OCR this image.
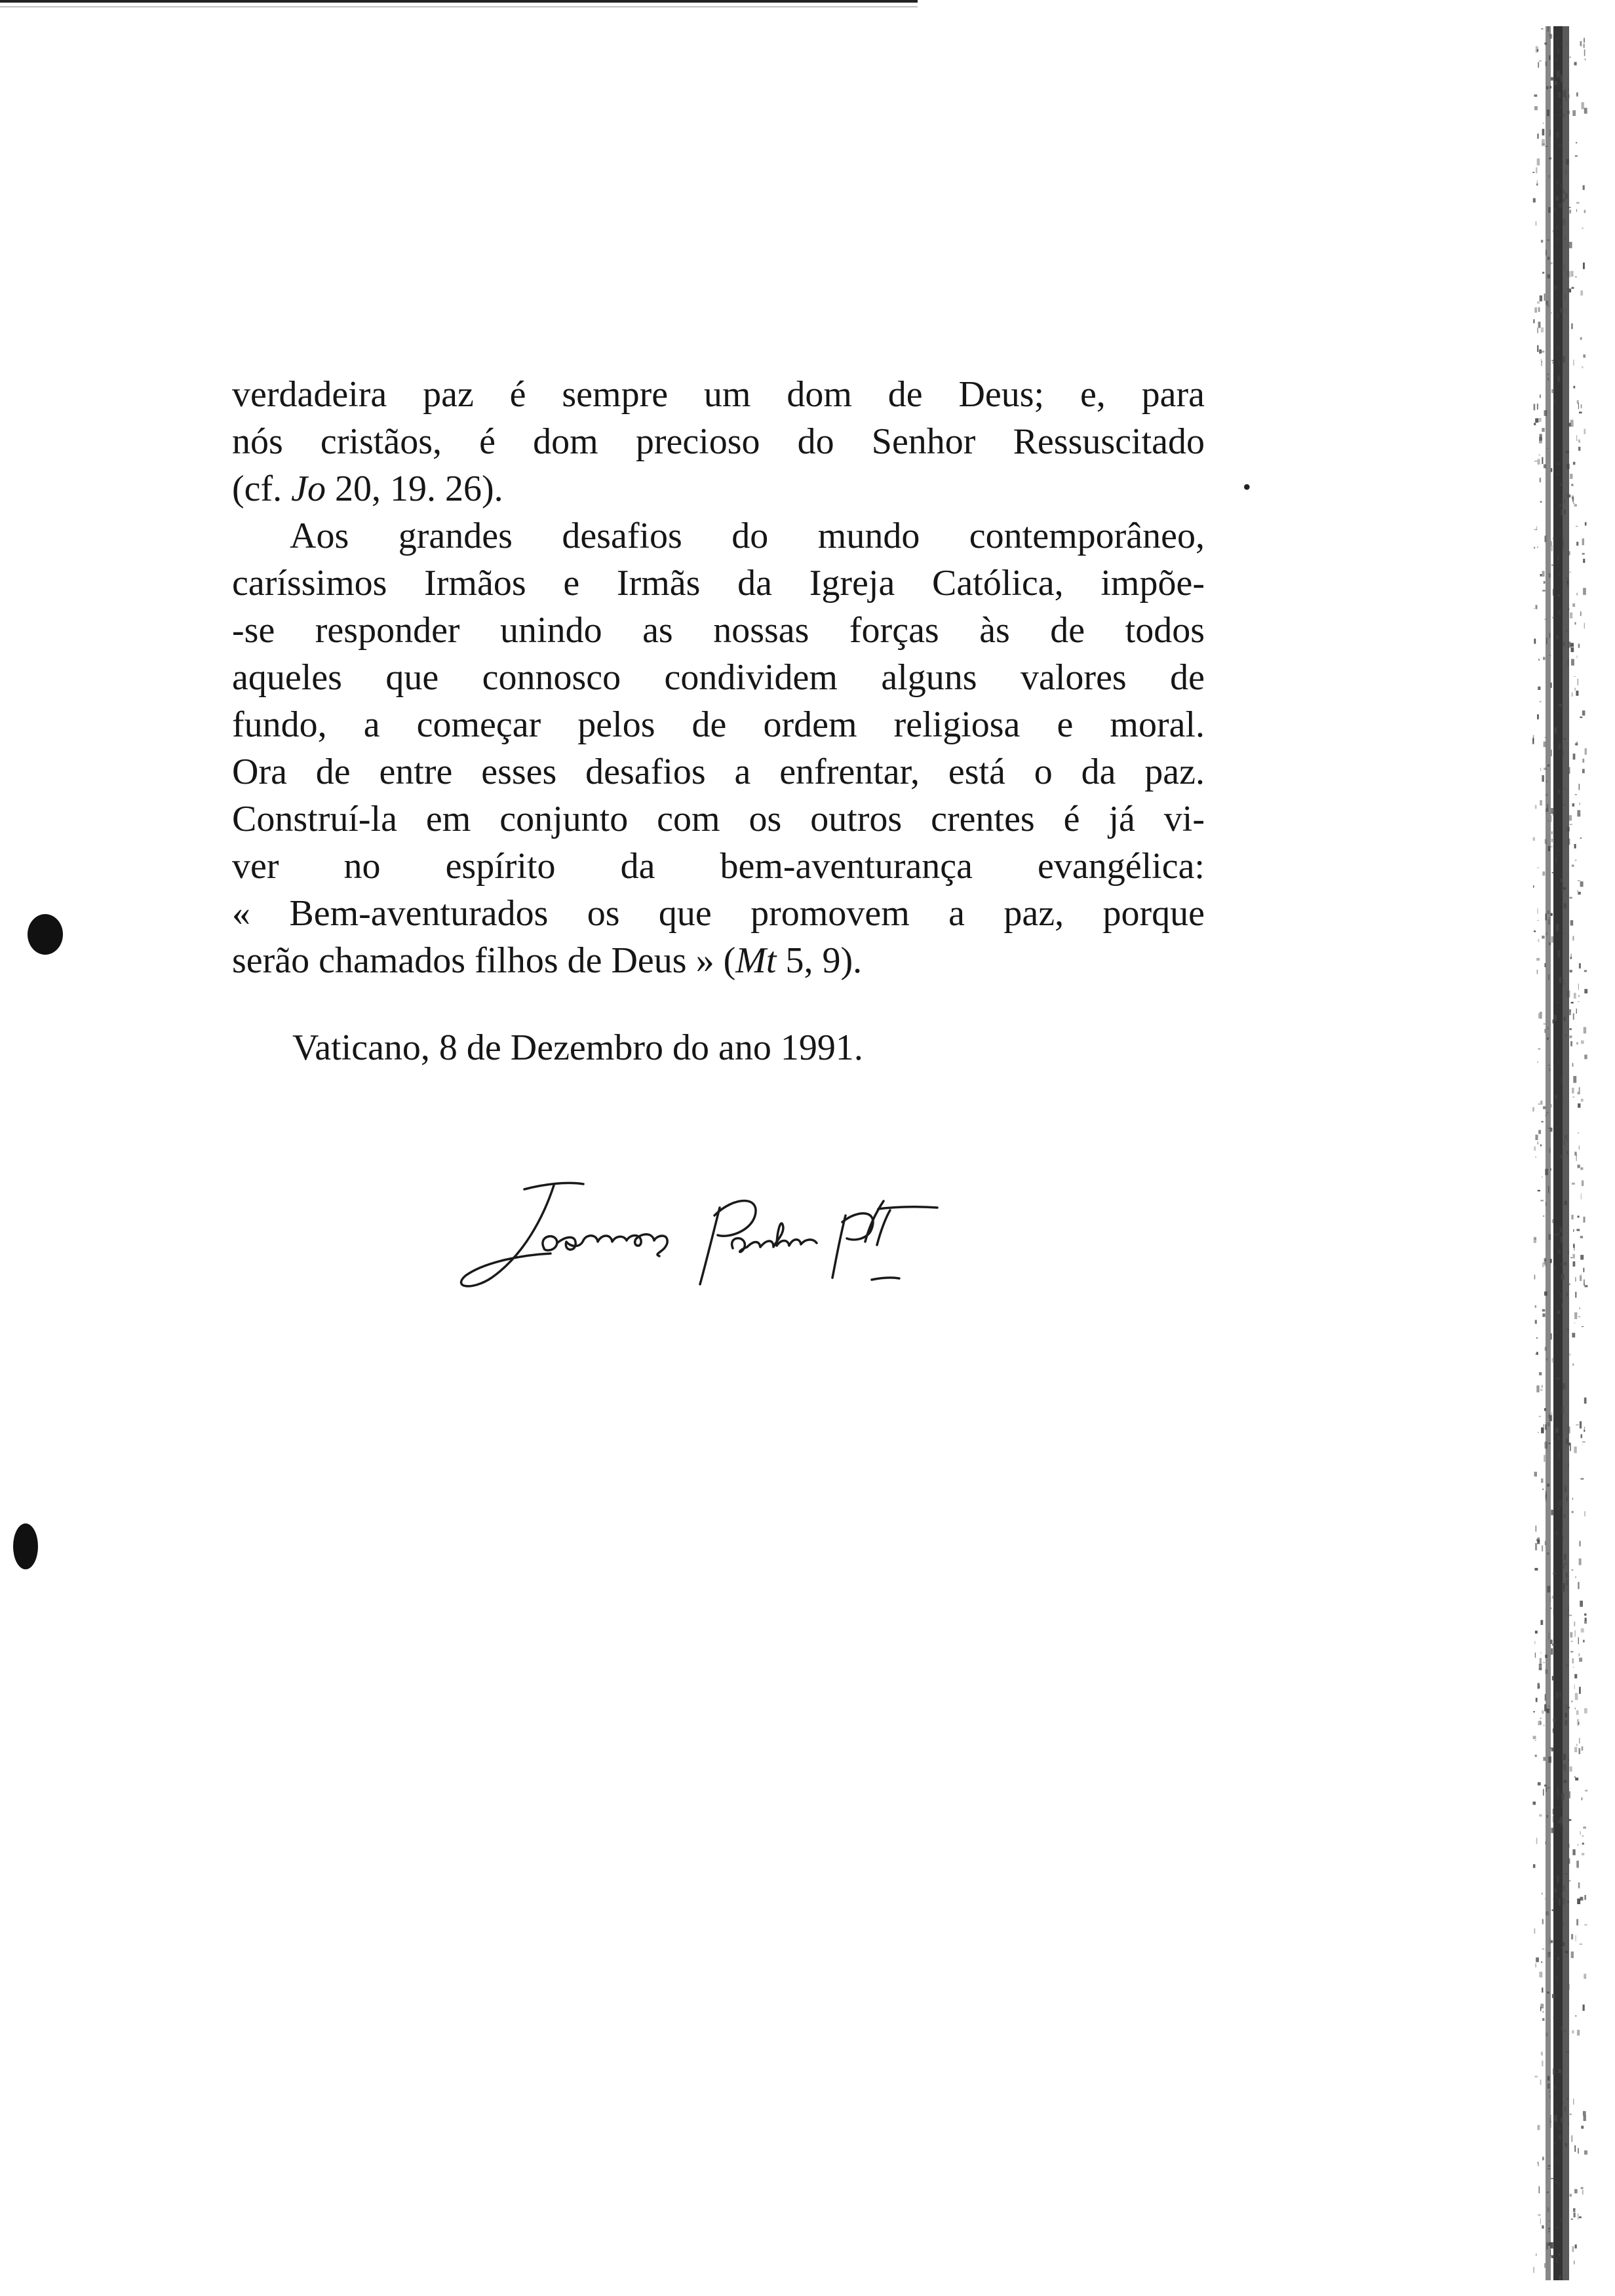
•
verdadeira paz é sempre um dom de Deus; e, para
nós cristãos, é dom precioso do Senhor Ressuscitado
(cf. Jo 20, 19. 26).
Aos grandes desafios do mundo contemporâneo,
caríssimos Irmãos e Irmãs da Igreja Católica, impõe-
-se responder unindo as nossas forças às de todos
aqueles que connosco condividem alguns valores de
fundo, a começar pelos de ordem religiosa e moral.
Ora de entre esses desafios a enfrentar, está o da paz.
Construí-la em conjunto com os outros crentes é já vi-
ver no espírito da bem-aventurança evangélica:
« Bem-aventurados os que promovem a paz, porque
serão chamados filhos de Deus » (Mt 5, 9).
Vaticano, 8 de Dezembro do ano 1991.
